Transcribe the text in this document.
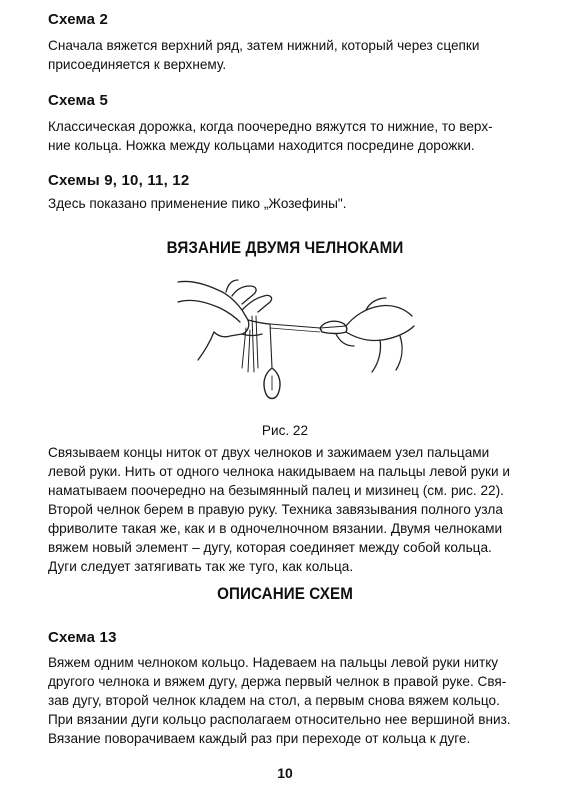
Схема 2
Сначала вяжется верхний ряд, затем нижний, который через сцепки
присоединяется к верхнему.
Схема 5
Классическая дорожка, когда поочередно вяжутся то нижние, то верх-
ние кольца. Ножка между кольцами находится посредине дорожки.
Схемы 9, 10, 11, 12
Здесь показано применение пико „Жозефины".
ВЯЗАНИЕ ДВУМЯ ЧЕЛНОКАМИ
Рис. 22
Связываем концы ниток от двух челноков и зажимаем узел пальцами
левой руки. Нить от одного челнока накидываем на пальцы левой руки и
наматываем поочередно на безымянный палец и мизинец (см. рис. 22).
Второй челнок берем в правую руку. Техника завязывания полного узла
фриволите такая же, как и в одночелночном вязании. Двумя челноками
вяжем новый элемент – дугу, которая соединяет между собой кольца.
Дуги следует затягивать так же туго, как кольца.
ОПИСАНИЕ СХЕМ
Схема 13
Вяжем одним челноком кольцо. Надеваем на пальцы левой руки нитку
другого челнока и вяжем дугу, держа первый челнок в правой руке. Свя-
зав дугу, второй челнок кладем на стол, а первым снова вяжем кольцо.
При вязании дуги кольцо располагаем относительно нее вершиной вниз.
Вязание поворачиваем каждый раз при переходе от кольца к дуге.
10
